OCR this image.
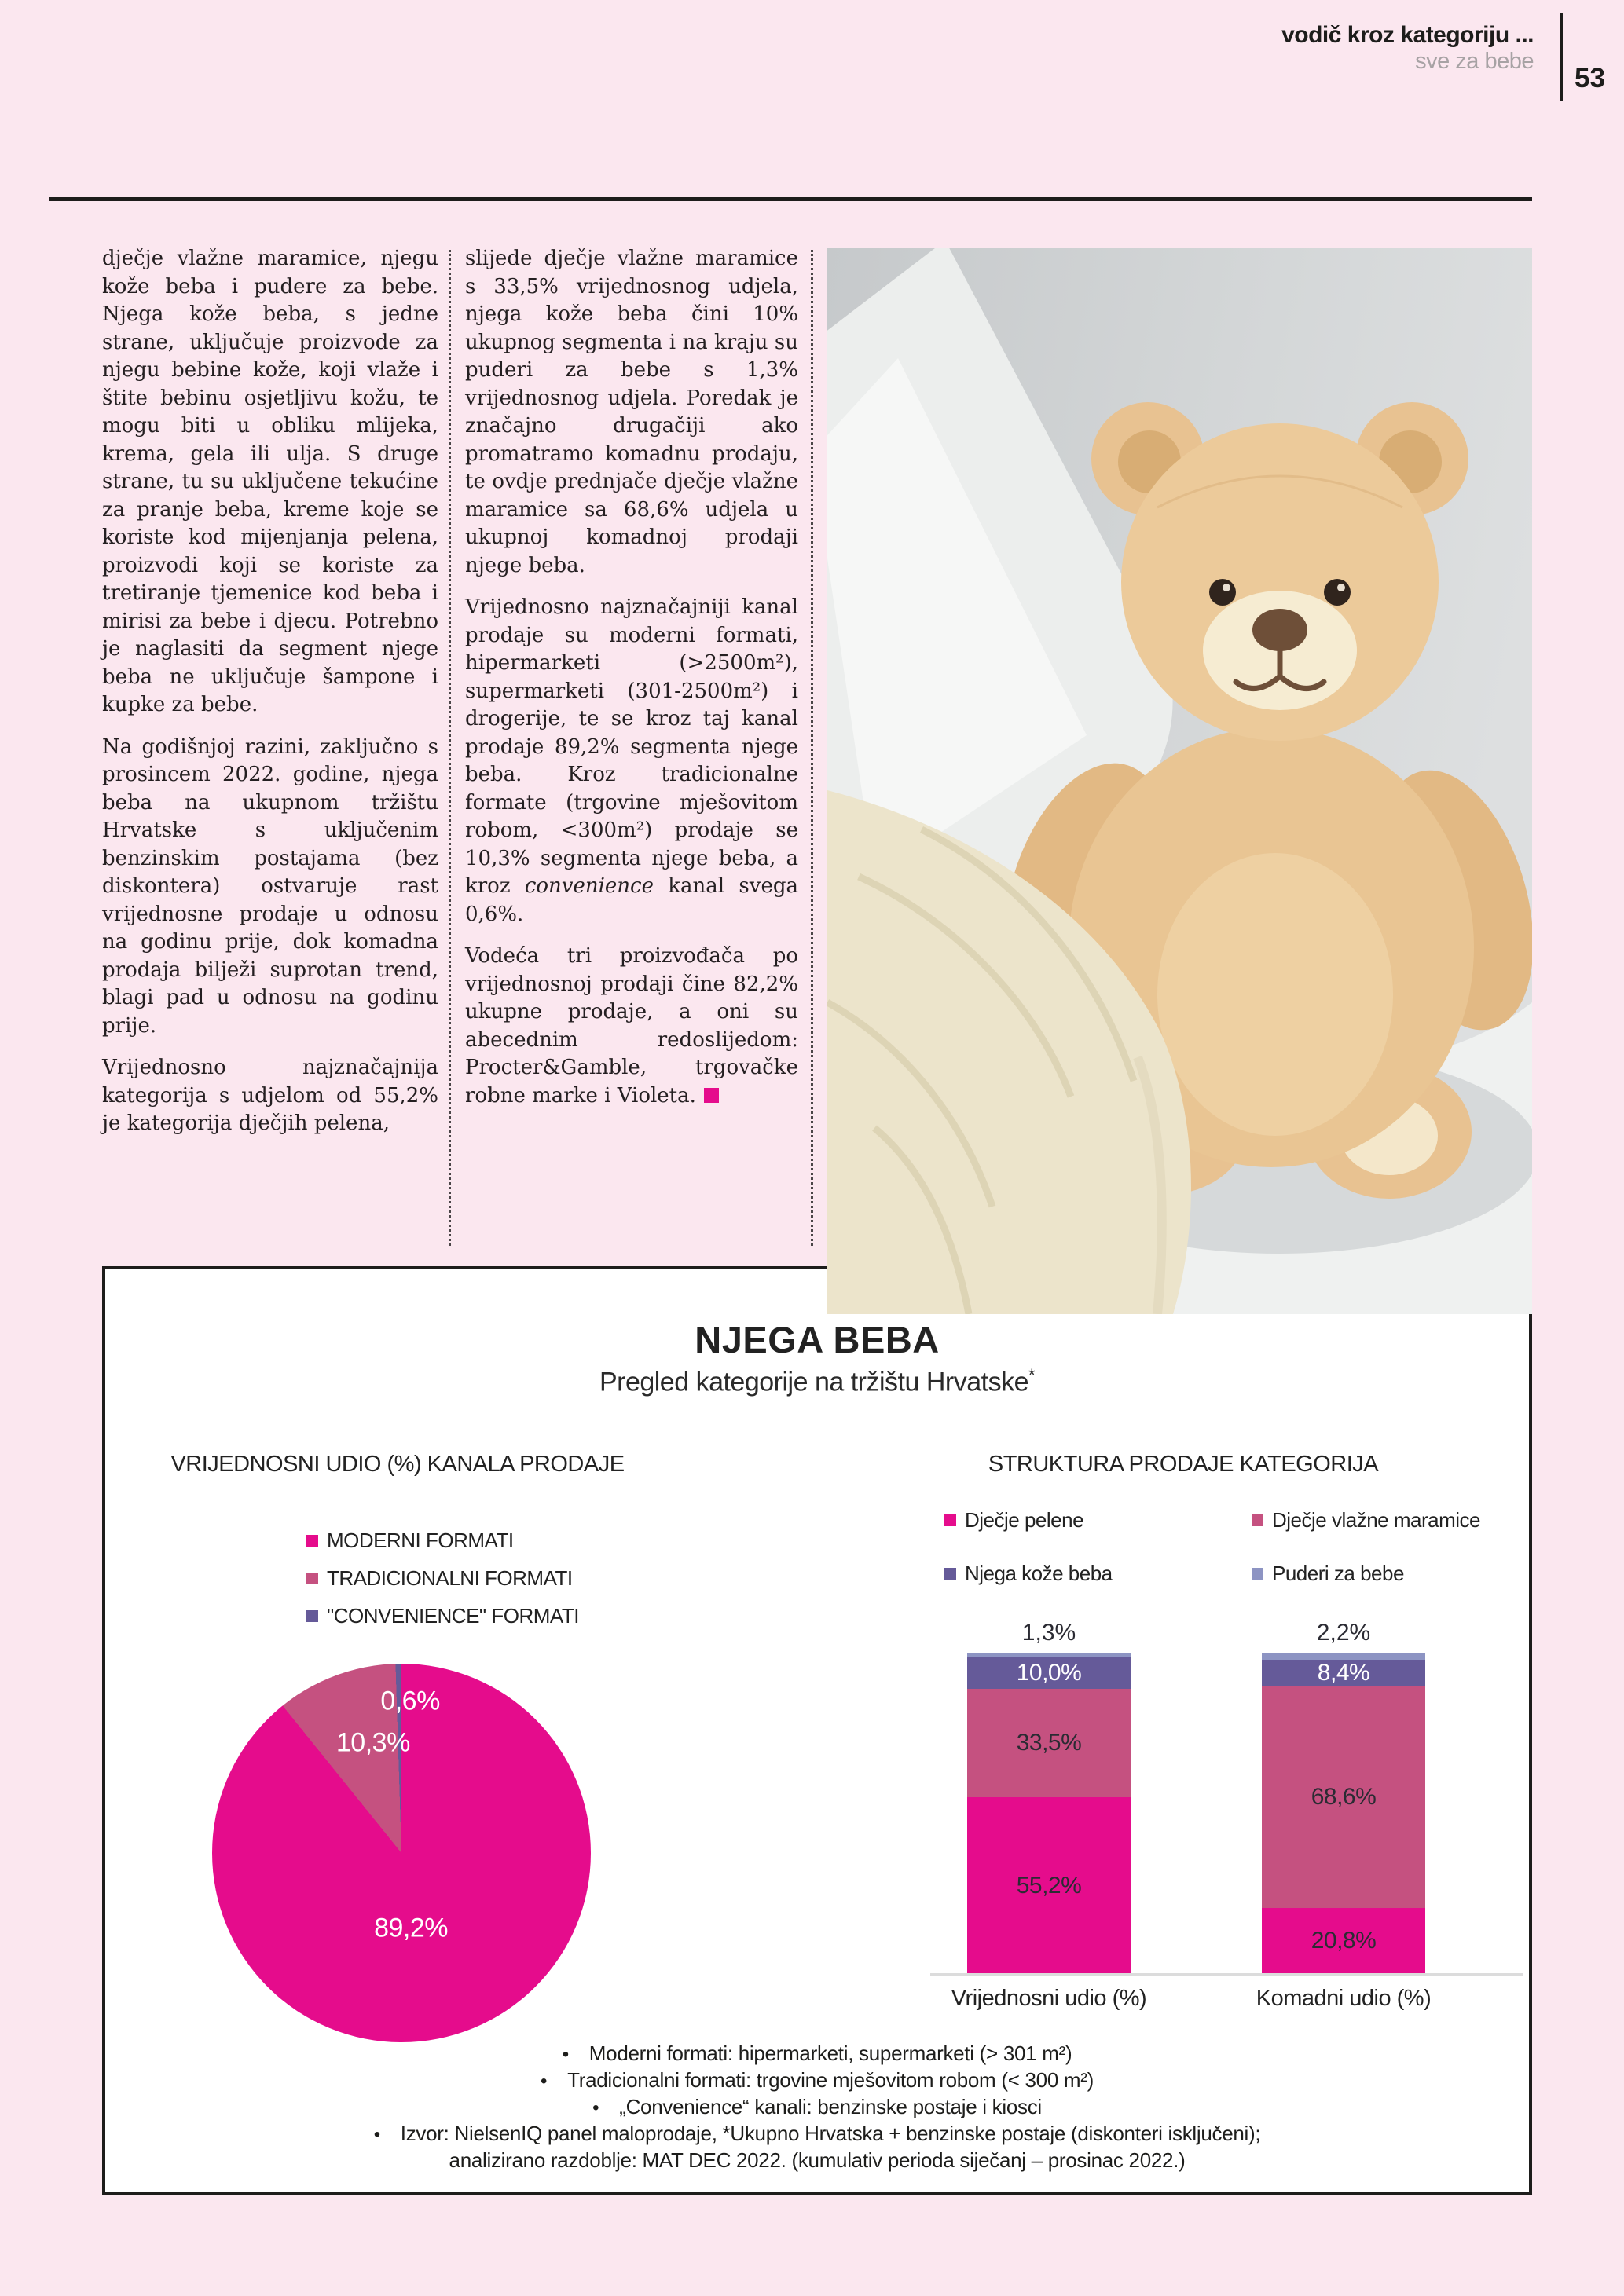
vodič kroz kategoriju ...
sve za bebe
53

dječje vlažne maramice, njegu kože beba i pudere za bebe. Njega kože beba, s jedne strane, uključuje proizvode za njegu bebine kože, koji vlaže i štite bebinu osjetljivu kožu, te mogu biti u obliku mlijeka, krema, gela ili ulja. S druge strane, tu su uključene tekućine za pranje beba, kreme koje se koriste kod mijenjanja pelena, proizvodi koji se koriste za tretiranje tjemenice kod beba i mirisi za bebe i djecu. Potrebno je naglasiti da segment njege beba ne uključuje šampone i kupke za bebe.

Na godišnjoj razini, zaključno s prosincem 2022. godine, njega beba na ukupnom tržištu Hrvatske s uključenim benzinskim postajama (bez diskontera) ostvaruje rast vrijednosne prodaje u odnosu na godinu prije, dok komadna prodaja bilježi suprotan trend, blagi pad u odnosu na godinu prije.

Vrijednosno najznačajnija kategorija s udjelom od 55,2% je kategorija dječjih pelena,

slijede dječje vlažne maramice s 33,5% vrijednosnog udjela, njega kože beba čini 10% ukupnog segmenta i na kraju su puderi za bebe s 1,3% vrijednosnog udjela. Poredak je značajno drugačiji ako promatramo komadnu prodaju, te ovdje prednjače dječje vlažne maramice sa 68,6% udjela u ukupnoj komadnoj prodaji njege beba.

Vrijednosno najznačajniji kanal prodaje su moderni formati, hipermarketi (>2500m²), supermarketi (301-2500m²) i drogerije, te se kroz taj kanal prodaje 89,2% segmenta njege beba. Kroz tradicionalne formate (trgovine mješovitom robom, <300m²) prodaje se 10,3% segmenta njege beba, a kroz convenience kanal svega 0,6%.

Vodeća tri proizvođača po vrijednosnoj prodaji čine 82,2% ukupne prodaje, a oni su abecednim redoslijedom: Procter&Gamble, trgovačke robne marke i Violeta.

NJEGA BEBA
Pregled kategorije na tržištu Hrvatske*
VRIJEDNOSNI UDIO (%) KANALA PRODAJE	STRUKTURA PRODAJE KATEGORIJA
MODERNI FORMATI
TRADICIONALNI FORMATI
"CONVENIENCE" FORMATI
0,6%
10,3%
89,2%
Dječje pelene	Dječje vlažne maramice
Njega kože beba	Puderi za bebe
1,3%	2,2%
10,0%
33,5%
55,2%
8,4%
68,6%
20,8%
Vrijednosni udio (%)	Komadni udio (%)
• Moderni formati: hipermarketi, supermarketi (> 301 m²)
• Tradicionalni formati: trgovine mješovitom robom (< 300 m²)
• „Convenience“ kanali: benzinske postaje i kiosci
• Izvor: NielsenIQ panel maloprodaje, *Ukupno Hrvatska + benzinske postaje (diskonteri isključeni);
analizirano razdoblje: MAT DEC 2022. (kumulativ perioda siječanj – prosinac 2022.)
